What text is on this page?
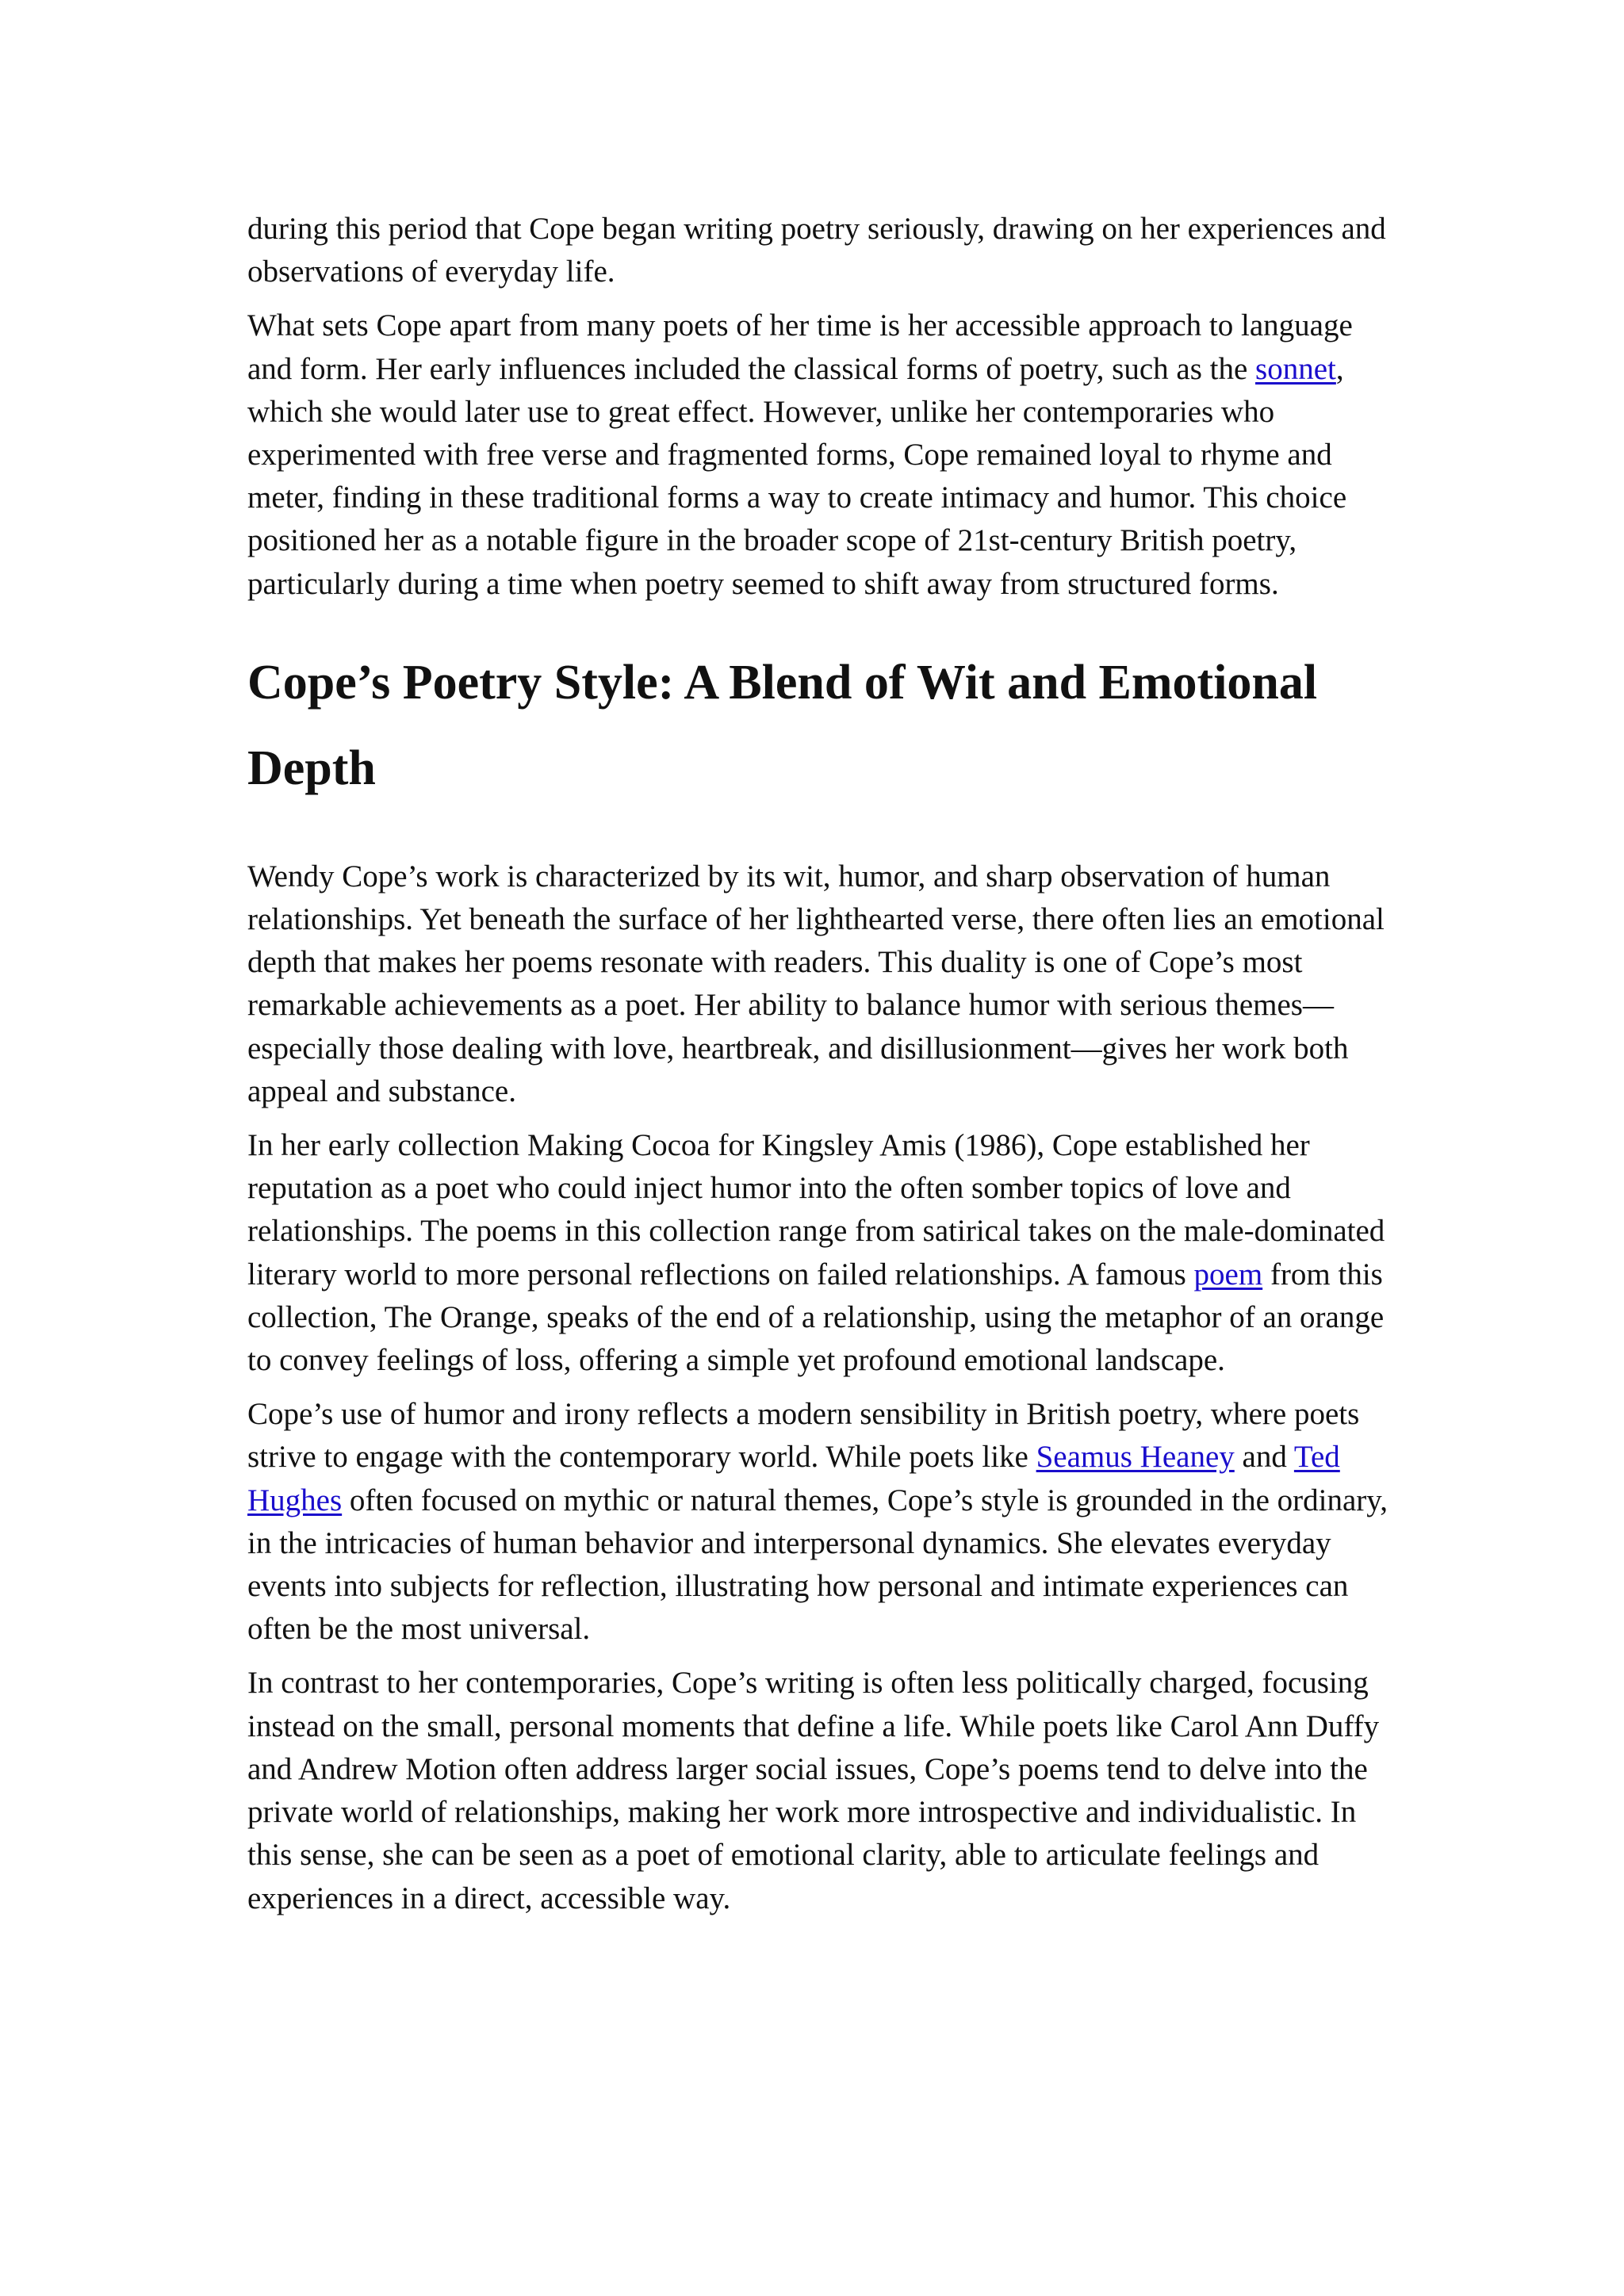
during this period that Cope began writing poetry seriously, drawing on her experiences and observations of everyday life.

What sets Cope apart from many poets of her time is her accessible approach to language and form. Her early influences included the classical forms of poetry, such as the sonnet, which she would later use to great effect. However, unlike her contemporaries who experimented with free verse and fragmented forms, Cope remained loyal to rhyme and meter, finding in these traditional forms a way to create intimacy and humor. This choice positioned her as a notable figure in the broader scope of 21st-century British poetry, particularly during a time when poetry seemed to shift away from structured forms.

Cope’s Poetry Style: A Blend of Wit and Emotional Depth

Wendy Cope’s work is characterized by its wit, humor, and sharp observation of human relationships. Yet beneath the surface of her lighthearted verse, there often lies an emotional depth that makes her poems resonate with readers. This duality is one of Cope’s most remarkable achievements as a poet. Her ability to balance humor with serious themes—especially those dealing with love, heartbreak, and disillusionment—gives her work both appeal and substance.

In her early collection Making Cocoa for Kingsley Amis (1986), Cope established her reputation as a poet who could inject humor into the often somber topics of love and relationships. The poems in this collection range from satirical takes on the male-dominated literary world to more personal reflections on failed relationships. A famous poem from this collection, The Orange, speaks of the end of a relationship, using the metaphor of an orange to convey feelings of loss, offering a simple yet profound emotional landscape.

Cope’s use of humor and irony reflects a modern sensibility in British poetry, where poets strive to engage with the contemporary world. While poets like Seamus Heaney and Ted Hughes often focused on mythic or natural themes, Cope’s style is grounded in the ordinary, in the intricacies of human behavior and interpersonal dynamics. She elevates everyday events into subjects for reflection, illustrating how personal and intimate experiences can often be the most universal.

In contrast to her contemporaries, Cope’s writing is often less politically charged, focusing instead on the small, personal moments that define a life. While poets like Carol Ann Duffy and Andrew Motion often address larger social issues, Cope’s poems tend to delve into the private world of relationships, making her work more introspective and individualistic. In this sense, she can be seen as a poet of emotional clarity, able to articulate feelings and experiences in a direct, accessible way.
